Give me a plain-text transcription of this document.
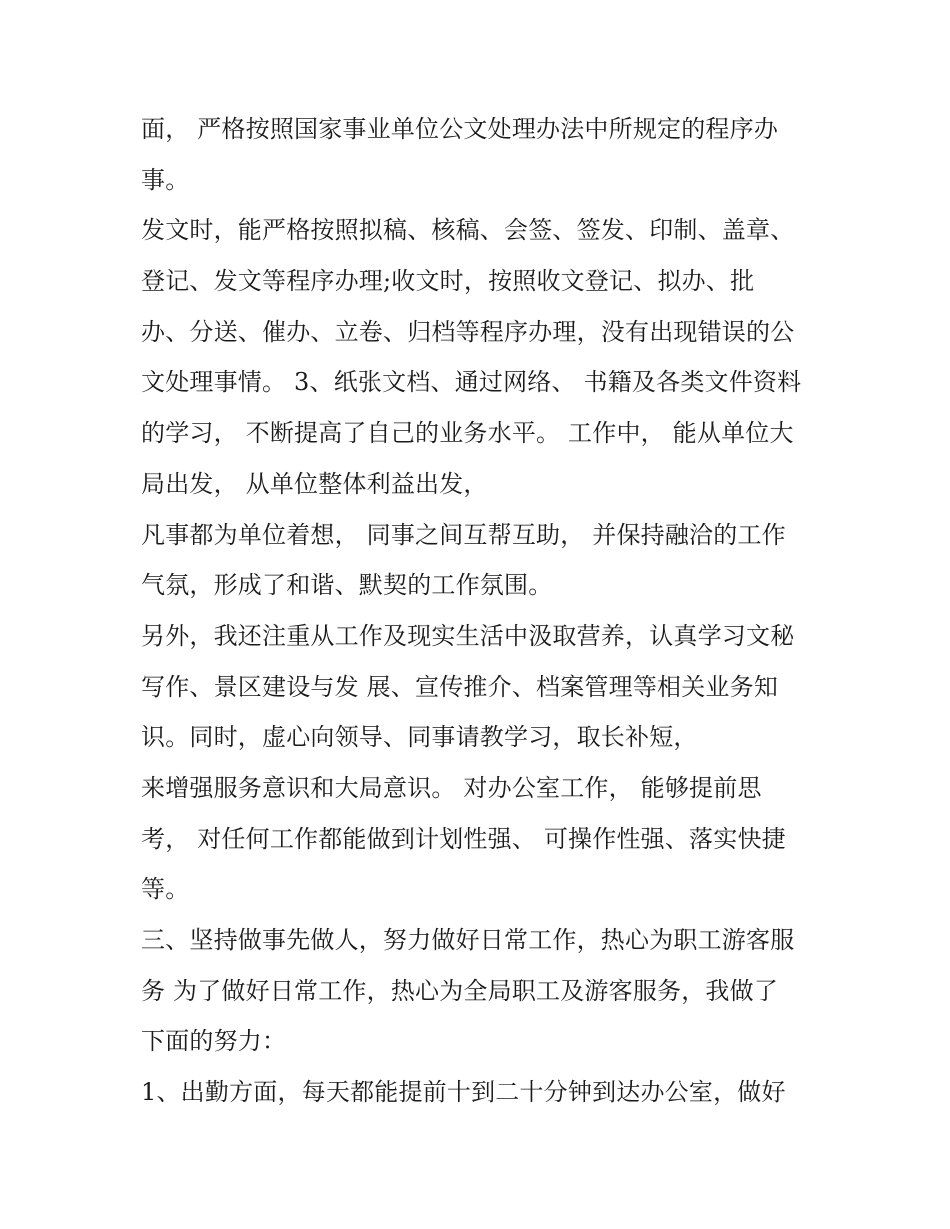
面， 严格按照国家事业单位公文处理办法中所规定的程序办
事。
发文时，能严格按照拟稿、核稿、会签、签发、印制、盖章、
登记、发文等程序办理;收文时，按照收文登记、拟办、批
办、分送、催办、立卷、归档等程序办理，没有出现错误的公
文处理事情。 3、纸张文档、通过网络、 书籍及各类文件资料
的学习， 不断提高了自己的业务水平。 工作中， 能从单位大
局出发， 从单位整体利益出发，
凡事都为单位着想， 同事之间互帮互助， 并保持融洽的工作
气氛，形成了和谐、默契的工作氛围。
另外，我还注重从工作及现实生活中汲取营养，认真学习文秘
写作、景区建设与发 展、宣传推介、档案管理等相关业务知
识。同时，虚心向领导、同事请教学习，取长补短，
来增强服务意识和大局意识。 对办公室工作， 能够提前思
考， 对任何工作都能做到计划性强、 可操作性强、落实快捷
等。
三、坚持做事先做人，努力做好日常工作，热心为职工游客服
务 为了做好日常工作，热心为全局职工及游客服务，我做了
下面的努力：
1、出勤方面，每天都能提前十到二十分钟到达办公室，做好
